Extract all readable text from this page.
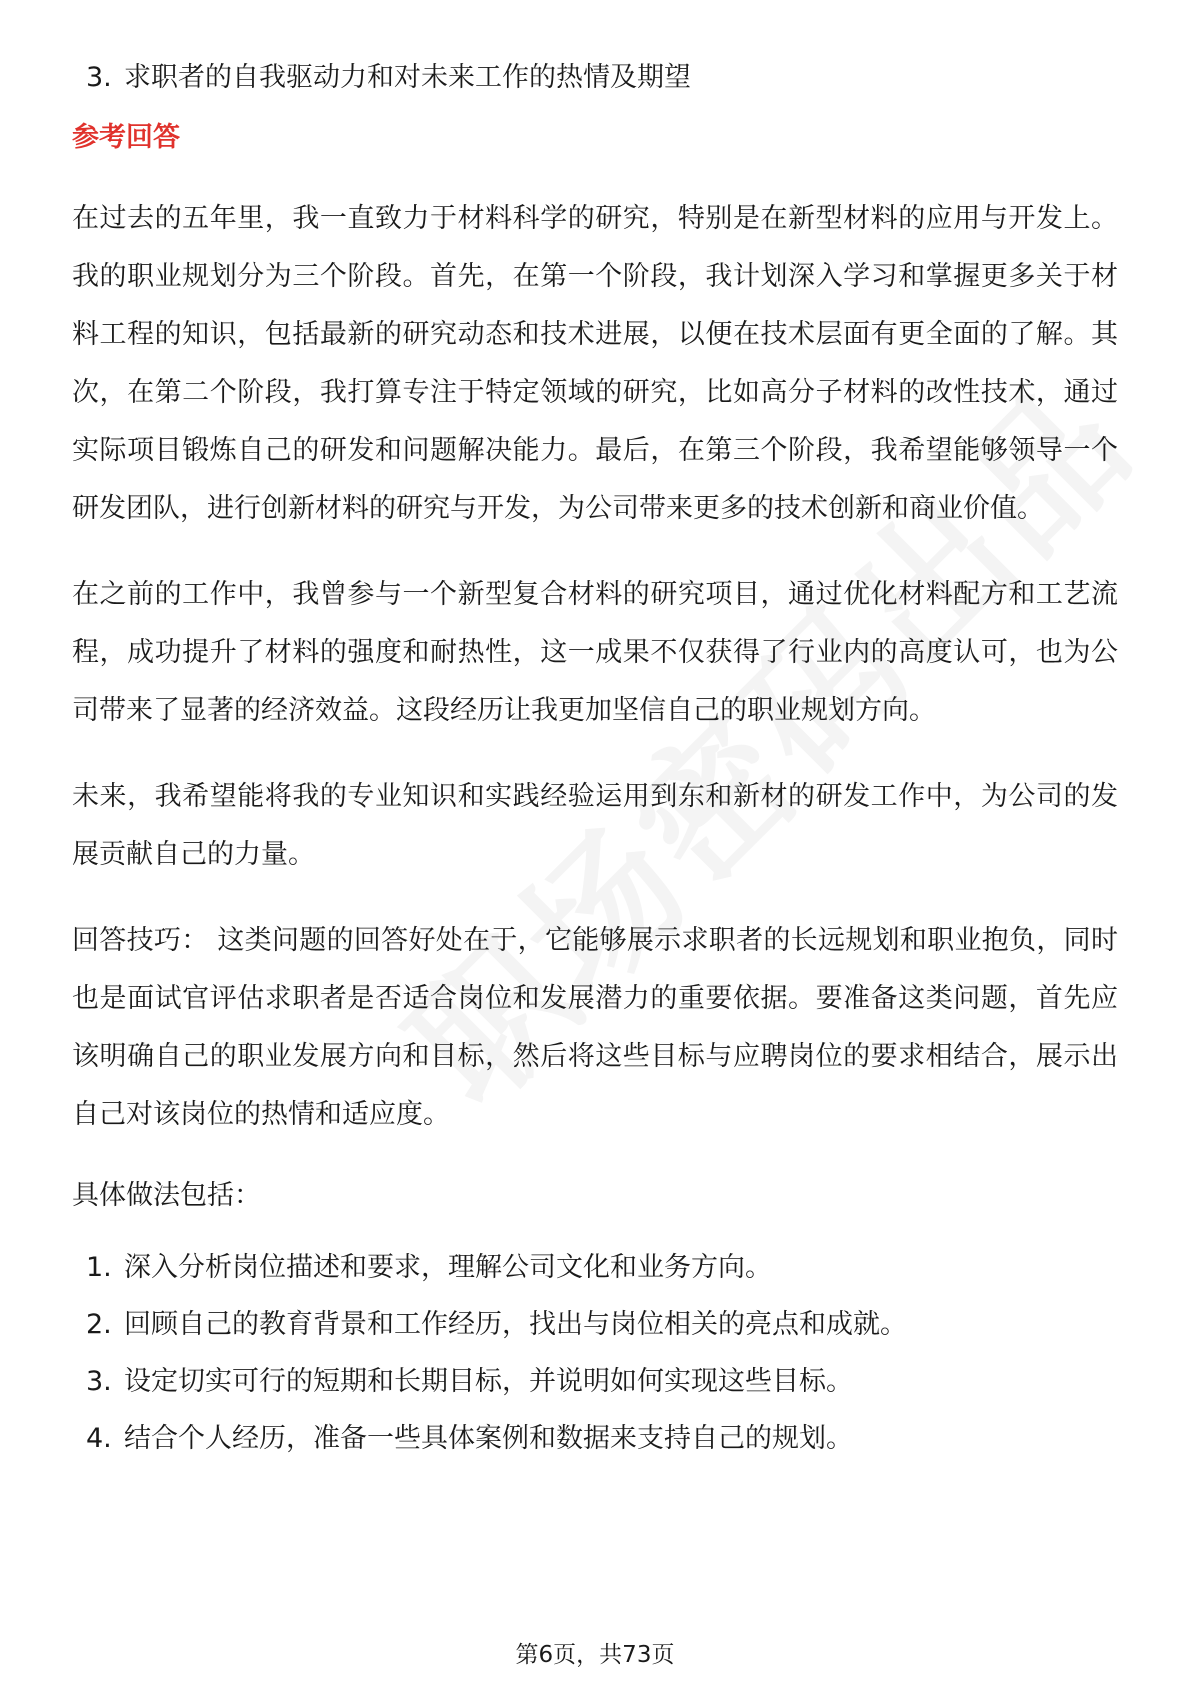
3. 求职者的自我驱动力和对未来工作的热情及期望
参考回答

在过去的五年里，我一直致力于材料科学的研究，特别是在新型材料的应用与开发上。我的职业规划分为三个阶段。首先，在第一个阶段，我计划深入学习和掌握更多关于材料工程的知识，包括最新的研究动态和技术进展，以便在技术层面有更全面的了解。其次，在第二个阶段，我打算专注于特定领域的研究，比如高分子材料的改性技术，通过实际项目锻炼自己的研发和问题解决能力。最后，在第三个阶段，我希望能够领导一个研发团队，进行创新材料的研究与开发，为公司带来更多的技术创新和商业价值。

在之前的工作中，我曾参与一个新型复合材料的研究项目，通过优化材料配方和工艺流程，成功提升了材料的强度和耐热性，这一成果不仅获得了行业内的高度认可，也为公司带来了显著的经济效益。这段经历让我更加坚信自己的职业规划方向。

未来，我希望能将我的专业知识和实践经验运用到东和新材的研发工作中，为公司的发展贡献自己的力量。

回答技巧： 这类问题的回答好处在于，它能够展示求职者的长远规划和职业抱负，同时也是面试官评估求职者是否适合岗位和发展潜力的重要依据。要准备这类问题，首先应该明确自己的职业发展方向和目标，然后将这些目标与应聘岗位的要求相结合，展示出自己对该岗位的热情和适应度。

具体做法包括：
1. 深入分析岗位描述和要求，理解公司文化和业务方向。
2. 回顾自己的教育背景和工作经历，找出与岗位相关的亮点和成就。
3. 设定切实可行的短期和长期目标，并说明如何实现这些目标。
4. 结合个人经历，准备一些具体案例和数据来支持自己的规划。
第6页，共73页
